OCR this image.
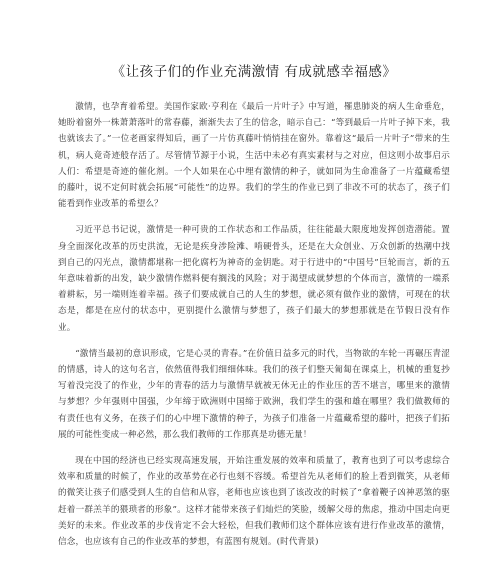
《让孩子们的作业充满激情 有成就感幸福感》

激情，也孕育着希望。美国作家欧·亨利在《最后一片叶子》中写道，罹患肺炎的病人生命垂危，她盼着窗外一株萧萧落叶的常春藤，渐渐失去了生的信念，暗示自己：“等到最后一片叶子掉下来，我也就该去了。”一位老画家得知后，画了一片仿真藤叶悄悄挂在窗外。靠着这“最后一片叶子”带来的生机，病人竟奇迹般存活了。尽管情节源于小说，生活中未必有真实素材与之对应，但这则小故事启示人们：希望是奇迹的催化剂。一个人如果在心中埋有激情的种子，就如同为生命准备了一片蕴藏希望的藤叶，说不定何时就会拓展“可能性”的边界。我们的学生的作业已到了非改不可的状态了，孩子们能看到作业改革的希望么？

习近平总书记说，激情是一种可贵的工作状态和工作品质，往往能最大限度地发挥创造潜能。置身全面深化改革的历史洪流，无论是疾身涉险滩、啃硬骨头，还是在大众创业、万众创新的热潮中找到自己的闪光点，激情都堪称一把化腐朽为神奇的金钥匙。对于行进中的“中国号”巨轮而言，新的五年意味着新的出发，缺少激情作燃料便有搁浅的风险；对于渴望成就梦想的个体而言，激情的一端系着耕耘，另一端则连着幸福。孩子们要成就自己的人生的梦想，就必须有做作业的激情，可现在的状态是，都是在应付的状态中，更别提什么激情与梦想了，孩子们最大的梦想那就是在节假日没有作业。

“激情当最初的意识形成，它是心灵的青春。”在价值日益多元的时代，当物欲的车轮一再碾压青涩的情感，诗人的这句名言，依然值得我们细细体味。我们的孩子们整天匍匐在课桌上，机械的重复抄写着没完没了的作业，少年的青春的活力与激情早就被无休无止的作业压的苦不堪言，哪里来的激情与梦想？少年强则中国强，少年缔于欧洲则中国缔于欧洲，我们学生的强和雄在哪里？我们做教师的有责任也有义务，在孩子们的心中埋下激情的种子，为孩子们准备一片蕴藏希望的藤叶，把孩子们拓展的可能性变成一种必然，那么我们教师的工作那真是功德无量！

现在中国的经济也已经实现高速发展，开始注重发展的效率和质量了，教育也到了可以考虑综合效率和质量的时候了，作业的改革势在必行也刻不容缓。希望首先从老师们的脸上看到微笑，从老师的微笑让孩子们感受到人生的自信和从容，老师也应该也到了该改改的时候了“拿着鞭子凶神恶煞的驱赶着一群羔羊的猥琐者的形象”。这样才能带来孩子们灿烂的笑脸，缓解父母的焦虑，推动中国走向更美好的未来。作业改革的步伐肯定不会大轻松，但我们教师们这个群体应该有进行作业改革的激情，信念，也应该有自己的作业改革的梦想，有蓝图有规划。(时代背景)
